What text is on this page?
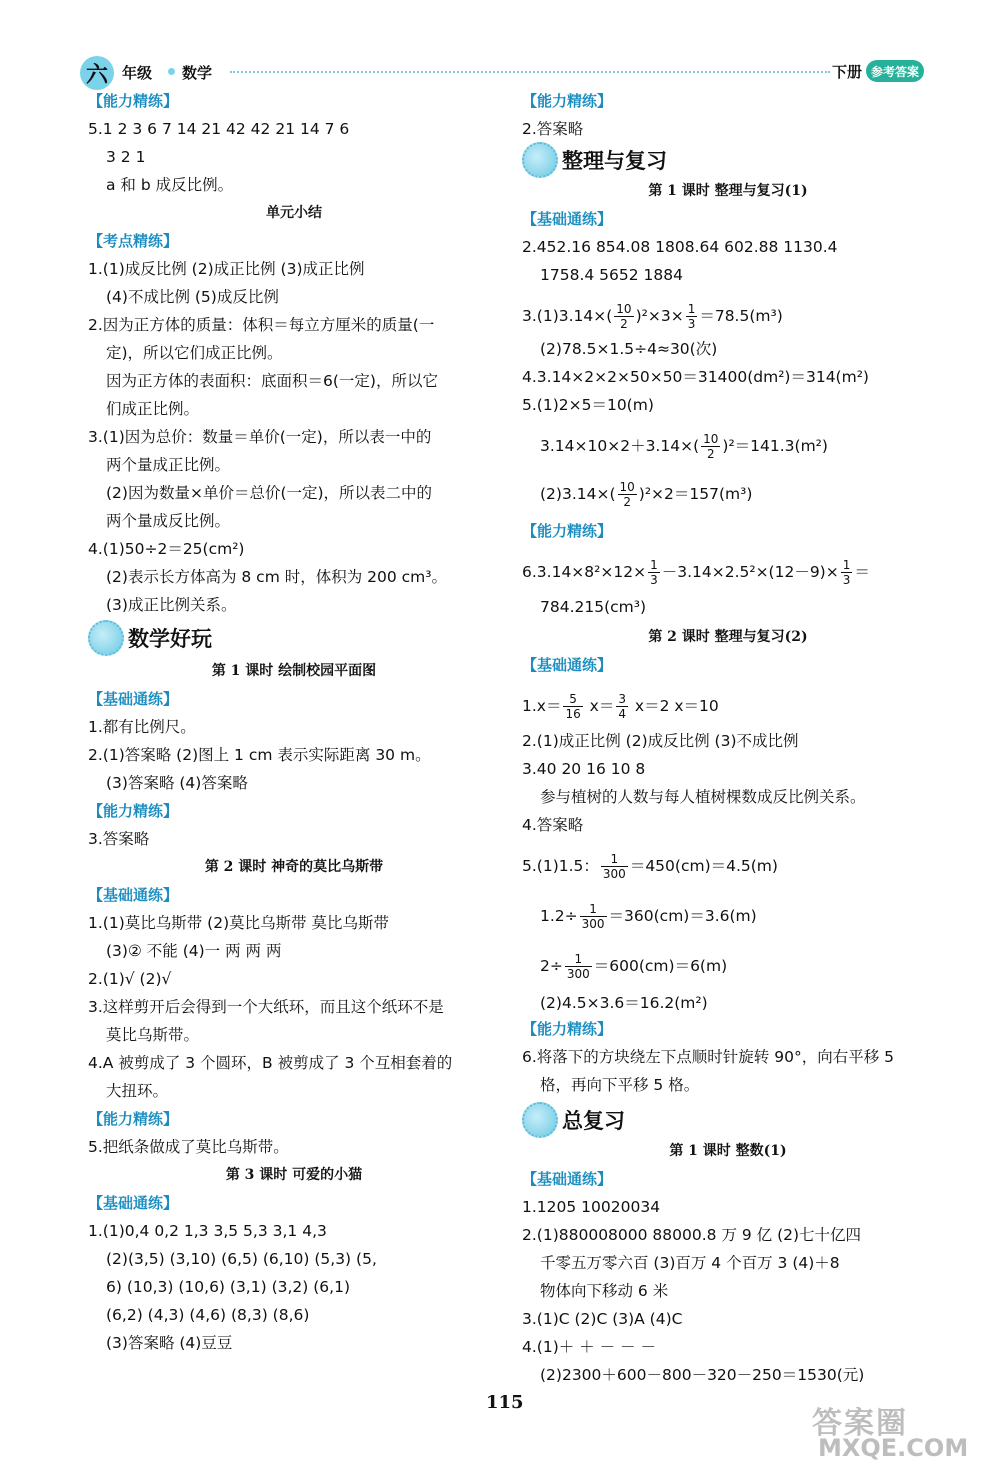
六 年级 数学	下册 参考答案
【能力精练】
5.1 2 3 6 7 14 21 42 42 21 14 7 6
3 2 1
a 和 b 成反比例。
单元小结
【考点精练】
1.(1)成反比例 (2)成正比例 (3)成正比例
(4)不成比例 (5)成反比例
2.因为正方体的质量：体积＝每立方厘米的质量(一
定)，所以它们成正比例。
因为正方体的表面积：底面积＝6(一定)，所以它
们成正比例。
3.(1)因为总价：数量＝单价(一定)，所以表一中的
两个量成正比例。
(2)因为数量×单价＝总价(一定)，所以表二中的
两个量成反比例。
4.(1)50÷2＝25(cm²)
(2)表示长方体高为 8 cm 时，体积为 200 cm³。
(3)成正比例关系。
数学好玩
第 1 课时 绘制校园平面图
【基础通练】
1.都有比例尺。
2.(1)答案略 (2)图上 1 cm 表示实际距离 30 m。
(3)答案略 (4)答案略
【能力精练】
3.答案略
第 2 课时 神奇的莫比乌斯带
【基础通练】
1.(1)莫比乌斯带 (2)莫比乌斯带 莫比乌斯带
(3)② 不能 (4)一 两 两 两
2.(1)√ (2)√
3.这样剪开后会得到一个大纸环，而且这个纸环不是
莫比乌斯带。
4.A 被剪成了 3 个圆环，B 被剪成了 3 个互相套着的
大扭环。
【能力精练】
5.把纸条做成了莫比乌斯带。
第 3 课时 可爱的小猫
【基础通练】
1.(1)0,4 0,2 1,3 3,5 5,3 3,1 4,3
(2)(3,5) (3,10) (6,5) (6,10) (5,3) (5,
6) (10,3) (10,6) (3,1) (3,2) (6,1)
(6,2) (4,3) (4,6) (8,3) (8,6)
(3)答案略 (4)豆豆
【能力精练】
2.答案略
整理与复习
第 1 课时 整理与复习(1)
【基础通练】
2.452.16 854.08 1808.64 602.88 1130.4
1758.4 5652 1884
$3.(1)3.14\times( \frac{10}{2} )^2\times 3\times \frac{1}{3} =78.5(m^3)$
(2)78.5×1.5÷4≈30(次)
4.3.14×2×2×50×50＝31400(dm²)＝314(m²)
5.(1)2×5＝10(m)
$3.14\times 10\times 2+3.14\times( \frac{10}{2} )^2=141.3(m^2)$
$(2)3.14\times( \frac{10}{2} )^2\times 2=157(m^3)$
【能力精练】
$6.3.14\times 8^2\times 12\times \frac{1}{3} -3.14\times 2.5^2\times(12-9)\times \frac{1}{3}$ ＝
784.215(cm³)
第 2 课时 整理与复习(2)
【基础通练】
$1.x= \frac{5}{16} x= \frac{3}{4} x=2$ x＝10
2.(1)成正比例 (2)成反比例 (3)不成比例
3.40 20 16 10 8
参与植树的人数与每人植树棵数成反比例关系。
4.答案略
5.(1)1.5： $\frac{1}{300} =450(cm)=4.5(m)$
$1.2\div \frac{1}{300} =360(cm)=3.6(m)$
$2\div \frac{1}{300} =600(cm)=6(m)$
(2)4.5×3.6＝16.2(m²)
【能力精练】
6.将落下的方块绕左下点顺时针旋转 90°，向右平移 5
格，再向下平移 5 格。
总复习
第 1 课时 整数(1)
【基础通练】
1.1205 10020034
2.(1)880008000 88000.8 万 9 亿 (2)七十亿四
千零五万零六百 (3)百万 4 个百万 3 (4)＋8
物体向下移动 6 米
3.(1)C (2)C (3)A (4)C
4.(1)＋ ＋ － － －
(2)2300＋600－800－320－250＝1530(元)
115
答案圈
MXQE.COM
